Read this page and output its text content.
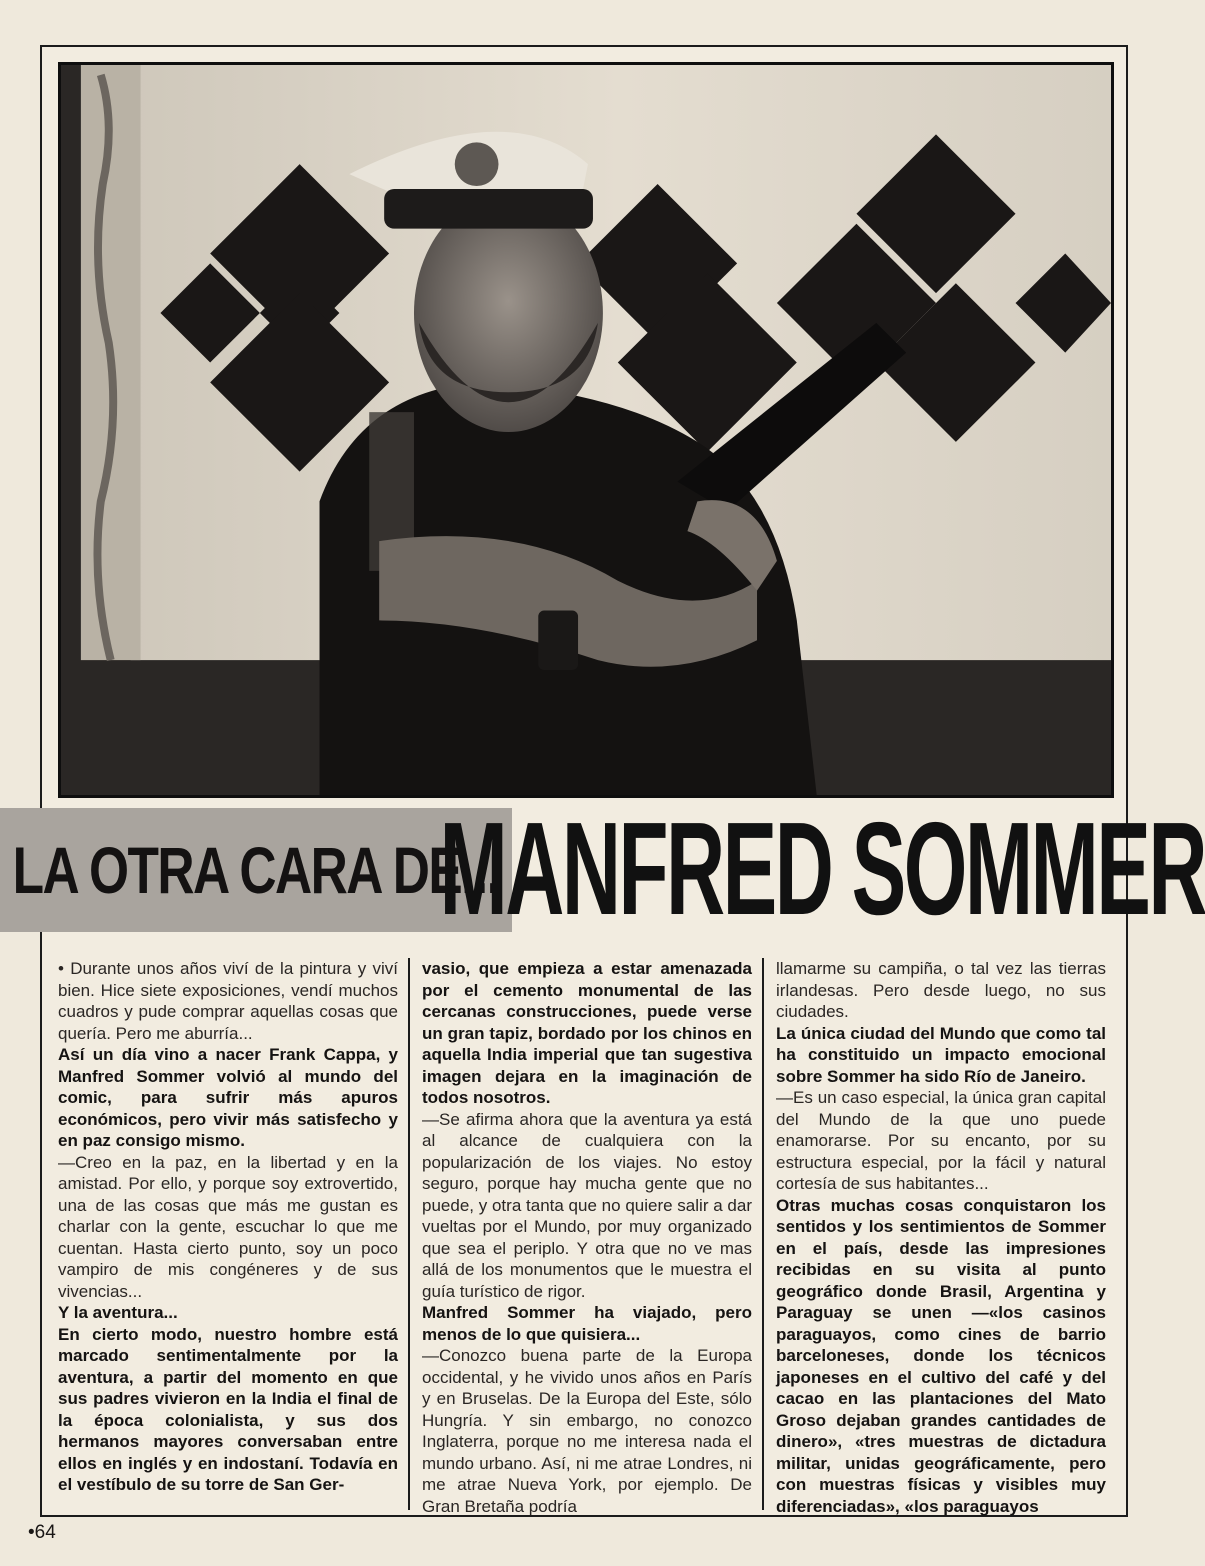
LA OTRA CARA DE...
MANFRED SOMMER

• Durante unos años viví de la pintura y viví bien. Hice siete exposiciones, vendí muchos cuadros y pude comprar aquellas cosas que quería. Pero me aburría...

Así un día vino a nacer Frank Cappa, y Manfred Sommer volvió al mundo del comic, para sufrir más apuros económicos, pero vivir más satisfecho y en paz consigo mismo.

—Creo en la paz, en la libertad y en la amistad. Por ello, y porque soy extrovertido, una de las cosas que más me gustan es charlar con la gente, escuchar lo que me cuentan. Hasta cierto punto, soy un poco vampiro de mis congéneres y de sus vivencias...

Y la aventura...

En cierto modo, nuestro hombre está marcado sentimentalmente por la aventura, a partir del momento en que sus padres vivieron en la India el final de la época colonialista, y sus dos hermanos mayores conversaban entre ellos en inglés y en indostaní. Todavía en el vestíbulo de su torre de San Ger-

vasio, que empieza a estar amenazada por el cemento monumental de las cercanas construcciones, puede verse un gran tapiz, bordado por los chinos en aquella India imperial que tan sugestiva imagen dejara en la imaginación de todos nosotros.

—Se afirma ahora que la aventura ya está al alcance de cualquiera con la popularización de los viajes. No estoy seguro, porque hay mucha gente que no puede, y otra tanta que no quiere salir a dar vueltas por el Mundo, por muy organizado que sea el periplo. Y otra que no ve mas allá de los monumentos que le muestra el guía turístico de rigor.

Manfred Sommer ha viajado, pero menos de lo que quisiera...

—Conozco buena parte de la Europa occidental, y he vivido unos años en París y en Bruselas. De la Europa del Este, sólo Hungría. Y sin embargo, no conozco Inglaterra, porque no me interesa nada el mundo urbano. Así, ni me atrae Londres, ni me atrae Nueva York, por ejemplo. De Gran Bretaña podría

llamarme su campiña, o tal vez las tierras irlandesas. Pero desde luego, no sus ciudades.

La única ciudad del Mundo que como tal ha constituido un impacto emocional sobre Sommer ha sido Río de Janeiro.

—Es un caso especial, la única gran capital del Mundo de la que uno puede enamorarse. Por su encanto, por su estructura especial, por la fácil y natural cortesía de sus habitantes...

Otras muchas cosas conquistaron los sentidos y los sentimientos de Sommer en el país, desde las impresiones recibidas en su visita al punto geográfico donde Brasil, Argentina y Paraguay se unen —«los casinos paraguayos, como cines de barrio barceloneses, donde los técnicos japoneses en el cultivo del café y del cacao en las plantaciones del Mato Groso dejaban grandes cantidades de dinero», «tres muestras de dictadura militar, unidas geográficamente, pero con muestras físicas y visibles muy diferenciadas», «los paraguayos

•64
